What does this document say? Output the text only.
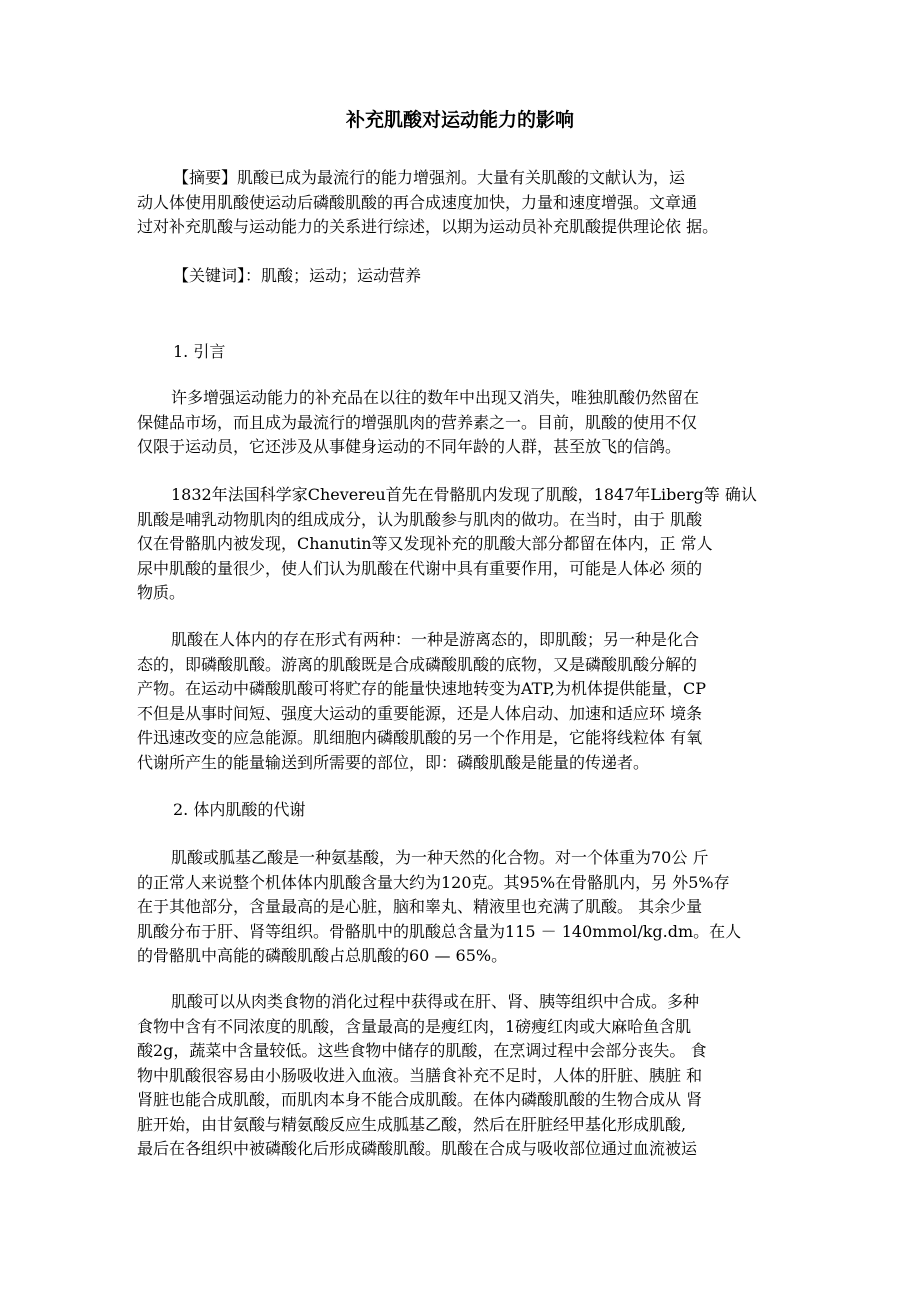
补充肌酸对运动能力的影响
【摘要】肌酸已成为最流行的能力增强剂。大量有关肌酸的文献认为，运
动人体使用肌酸使运动后磷酸肌酸的再合成速度加快，力量和速度增强。文章通
过对补充肌酸与运动能力的关系进行综述，以期为运动员补充肌酸提供理论依 据。
【关键词】：肌酸；运动；运动营养
1. 引言
许多增强运动能力的补充品在以往的数年中出现又消失，唯独肌酸仍然留在
保健品市场，而且成为最流行的增强肌肉的营养素之一。目前，肌酸的使用不仅
仅限于运动员，它还涉及从事健身运动的不同年龄的人群，甚至放飞的信鸽。
1832年法国科学家Chevereu首先在骨骼肌内发现了肌酸，1847年Liberg等 确认
肌酸是哺乳动物肌肉的组成成分，认为肌酸参与肌肉的做功。在当时，由于 肌酸
仅在骨骼肌内被发现，Chanutin等又发现补充的肌酸大部分都留在体内，正 常人
尿中肌酸的量很少，使人们认为肌酸在代谢中具有重要作用，可能是人体必 须的
物质。
肌酸在人体内的存在形式有两种：一种是游离态的，即肌酸；另一种是化合
态的，即磷酸肌酸。游离的肌酸既是合成磷酸肌酸的底物，又是磷酸肌酸分解的
产物。在运动中磷酸肌酸可将贮存的能量快速地转变为ATP,为机体提供能量，CP
不但是从事时间短、强度大运动的重要能源，还是人体启动、加速和适应环 境条
件迅速改变的应急能源。肌细胞内磷酸肌酸的另一个作用是，它能将线粒体 有氧
代谢所产生的能量输送到所需要的部位，即：磷酸肌酸是能量的传递者。
2. 体内肌酸的代谢
肌酸或胍基乙酸是一种氨基酸，为一种天然的化合物。对一个体重为70公 斤
的正常人来说整个机体体内肌酸含量大约为120克。其95%在骨骼肌内，另 外5%存
在于其他部分，含量最高的是心脏，脑和睾丸、精液里也充满了肌酸。 其余少量
肌酸分布于肝、肾等组织。骨骼肌中的肌酸总含量为115 － 140mmol/kg.dm。在人
的骨骼肌中高能的磷酸肌酸占总肌酸的60 — 65%。
肌酸可以从肉类食物的消化过程中获得或在肝、肾、胰等组织中合成。多种
食物中含有不同浓度的肌酸，含量最高的是瘦红肉，1磅瘦红肉或大麻哈鱼含肌
酸2g，蔬菜中含量较低。这些食物中储存的肌酸，在烹调过程中会部分丧失。 食
物中肌酸很容易由小肠吸收进入血液。当膳食补充不足时，人体的肝脏、胰脏 和
肾脏也能合成肌酸，而肌肉本身不能合成肌酸。在体内磷酸肌酸的生物合成从 肾
脏开始，由甘氨酸与精氨酸反应生成胍基乙酸，然后在肝脏经甲基化形成肌酸,
最后在各组织中被磷酸化后形成磷酸肌酸。肌酸在合成与吸收部位通过血流被运
